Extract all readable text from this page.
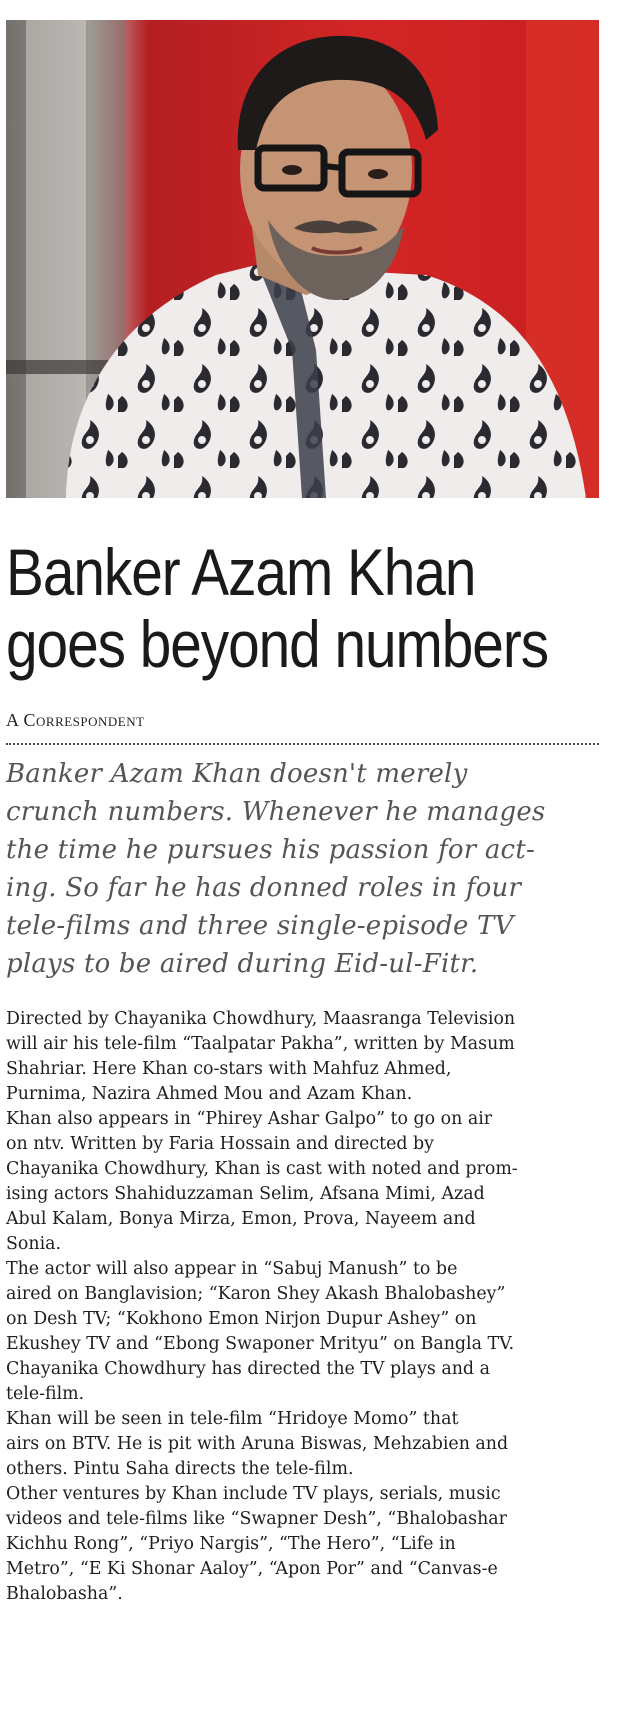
Banker Azam Khan
goes beyond numbers
A Correspondent
Banker Azam Khan doesn't merely
crunch numbers. Whenever he manages
the time he pursues his passion for act-
ing. So far he has donned roles in four
tele-films and three single-episode TV
plays to be aired during Eid-ul-Fitr.

Directed by Chayanika Chowdhury, Maasranga Television
will air his tele-film “Taalpatar Pakha”, written by Masum
Shahriar. Here Khan co-stars with Mahfuz Ahmed,
Purnima, Nazira Ahmed Mou and Azam Khan.

Khan also appears in “Phirey Ashar Galpo” to go on air
on ntv. Written by Faria Hossain and directed by
Chayanika Chowdhury, Khan is cast with noted and prom-
ising actors Shahiduzzaman Selim, Afsana Mimi, Azad
Abul Kalam, Bonya Mirza, Emon, Prova, Nayeem and
Sonia.

The actor will also appear in “Sabuj Manush” to be
aired on Banglavision; “Karon Shey Akash Bhalobashey”
on Desh TV; “Kokhono Emon Nirjon Dupur Ashey” on
Ekushey TV and “Ebong Swaponer Mrityu” on Bangla TV.
Chayanika Chowdhury has directed the TV plays and a
tele-film.

Khan will be seen in tele-film “Hridoye Momo” that
airs on BTV. He is pit with Aruna Biswas, Mehzabien and
others. Pintu Saha directs the tele-film.

Other ventures by Khan include TV plays, serials, music
videos and tele-films like “Swapner Desh”, “Bhalobashar
Kichhu Rong”, “Priyo Nargis”, “The Hero”, “Life in
Metro”, “E Ki Shonar Aaloy”, “Apon Por” and “Canvas-e
Bhalobasha”.
